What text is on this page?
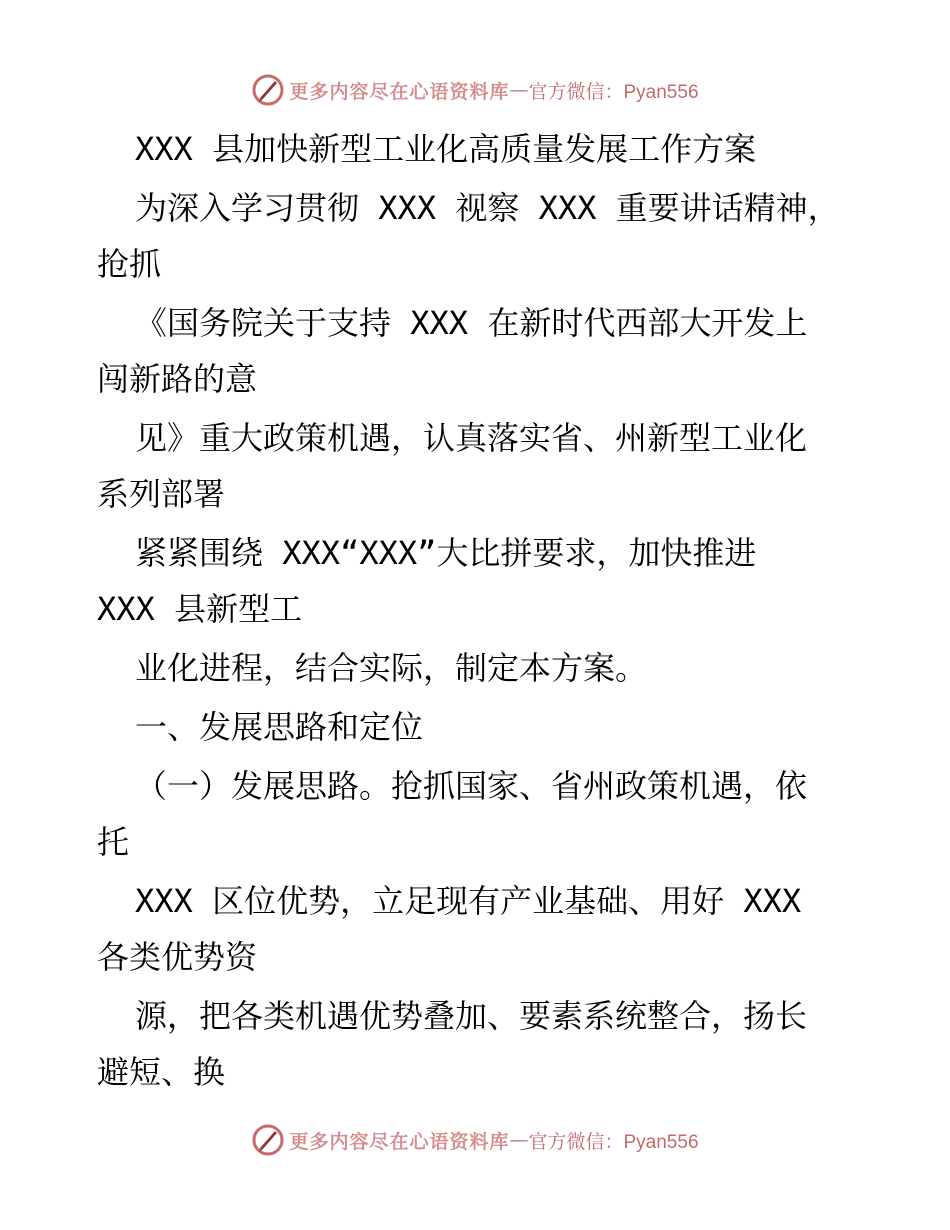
更多内容尽在心语资料库 — 官方微信：Pyan556
XXX 县加快新型工业化高质量发展工作方案
为深入学习贯彻 XXX 视察 XXX 重要讲话精神，
抢抓
《国务院关于支持 XXX 在新时代西部大开发上
闯新路的意
见》重大政策机遇，认真落实省、州新型工业化
系列部署
紧紧围绕 XXX“XXX”大比拼要求，加快推进
XXX 县新型工
业化进程，结合实际，制定本方案。
一、发展思路和定位
（一）发展思路。抢抓国家、省州政策机遇，依
托
XXX 区位优势，立足现有产业基础、用好 XXX
各类优势资
源，把各类机遇优势叠加、要素系统整合，扬长
避短、换
更多内容尽在心语资料库 — 官方微信：Pyan556
